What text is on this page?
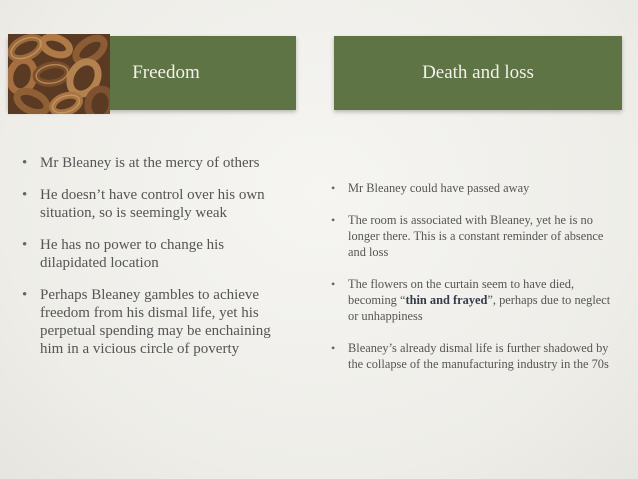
Freedom	Death and loss
• Mr Bleaney is at the mercy of others
• He doesn’t have control over his own situation, so is seemingly weak
• He has no power to change his dilapidated location
• Perhaps Bleaney gambles to achieve freedom from his dismal life, yet his perpetual spending may be enchaining him in a vicious circle of poverty
• Mr Bleaney could have passed away
• The room is associated with Bleaney, yet he is no longer there. This is a constant reminder of absence and loss
• The flowers on the curtain seem to have died, becoming “thin and frayed”, perhaps due to neglect or unhappiness
• Bleaney’s already dismal life is further shadowed by the collapse of the manufacturing industry in the 70s
